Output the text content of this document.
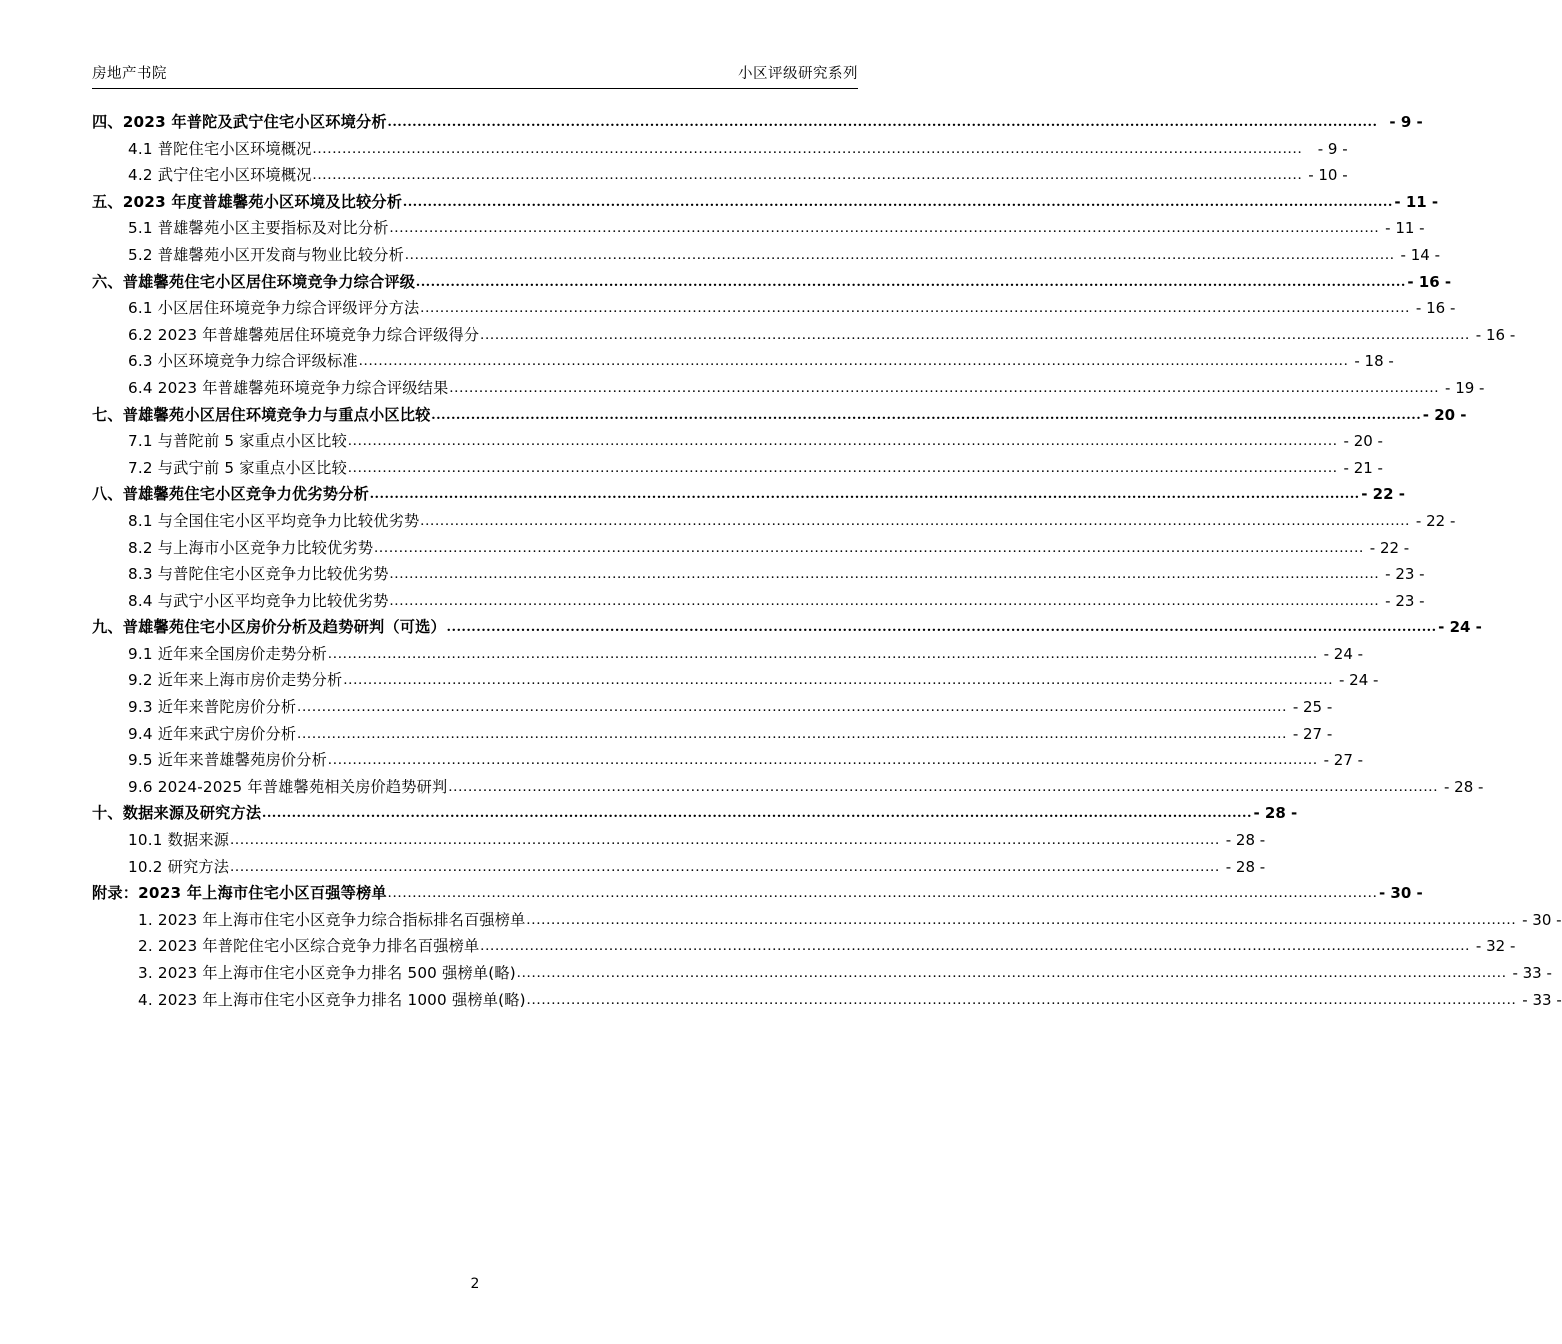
房地产书院	小区评级研究系列
四、2023 年普陀及武宁住宅小区环境分析 ........................................................................................................................................................................................................ - 9 -
4.1 普陀住宅小区环境概况 ........................................................................................................................................................................................................	- 9 -
4.2 武宁住宅小区环境概况 ........................................................................................................................................................................................................ - 10 -
五、2023 年度普雄馨苑小区环境及比较分析 ........................................................................................................................................................................................................ - 11 -
5.1 普雄馨苑小区主要指标及对比分析 ........................................................................................................................................................................................................ - 11 -
5.2 普雄馨苑小区开发商与物业比较分析 ........................................................................................................................................................................................................ - 14 -
六、普雄馨苑住宅小区居住环境竞争力综合评级 ........................................................................................................................................................................................................ - 16 -
6.1 小区居住环境竞争力综合评级评分方法 ........................................................................................................................................................................................................ - 16 -
6.2 2023 年普雄馨苑居住环境竞争力综合评级得分 ........................................................................................................................................................................................................ - 16 -
6.3 小区环境竞争力综合评级标准 ........................................................................................................................................................................................................ - 18 -
6.4 2023 年普雄馨苑环境竞争力综合评级结果 ........................................................................................................................................................................................................ - 19 -
七、普雄馨苑小区居住环境竞争力与重点小区比较 ........................................................................................................................................................................................................ - 20 -
7.1 与普陀前 5 家重点小区比较 ........................................................................................................................................................................................................ - 20 -
7.2 与武宁前 5 家重点小区比较 ........................................................................................................................................................................................................ - 21 -
八、普雄馨苑住宅小区竞争力优劣势分析 ........................................................................................................................................................................................................ - 22 -
8.1 与全国住宅小区平均竞争力比较优劣势 ........................................................................................................................................................................................................ - 22 -
8.2 与上海市小区竞争力比较优劣势 ........................................................................................................................................................................................................ - 22 -
8.3 与普陀住宅小区竞争力比较优劣势 ........................................................................................................................................................................................................ - 23 -
8.4 与武宁小区平均竞争力比较优劣势 ........................................................................................................................................................................................................ - 23 -
九、普雄馨苑住宅小区房价分析及趋势研判（可选） ........................................................................................................................................................................................................ - 24 -
9.1 近年来全国房价走势分析 ........................................................................................................................................................................................................ - 24 -
9.2 近年来上海市房价走势分析 ........................................................................................................................................................................................................ - 24 -
9.3 近年来普陀房价分析 ........................................................................................................................................................................................................ - 25 -
9.4 近年来武宁房价分析 ........................................................................................................................................................................................................ - 27 -
9.5 近年来普雄馨苑房价分析 ........................................................................................................................................................................................................ - 27 -
9.6 2024-2025 年普雄馨苑相关房价趋势研判 ........................................................................................................................................................................................................ - 28 -
十、数据来源及研究方法 ........................................................................................................................................................................................................ - 28 -
10.1 数据来源 ........................................................................................................................................................................................................ - 28 -
10.2 研究方法 ........................................................................................................................................................................................................ - 28 -
附录：2023 年上海市住宅小区百强等榜单 ........................................................................................................................................................................................................ - 30 -
1. 2023 年上海市住宅小区竞争力综合指标排名百强榜单 ........................................................................................................................................................................................................ - 30 -
2. 2023 年普陀住宅小区综合竞争力排名百强榜单 ........................................................................................................................................................................................................ - 32 -
3. 2023 年上海市住宅小区竞争力排名 500 强榜单(略) ........................................................................................................................................................................................................ - 33 -
4. 2023 年上海市住宅小区竞争力排名 1000 强榜单(略) ........................................................................................................................................................................................................ - 33 -
2
